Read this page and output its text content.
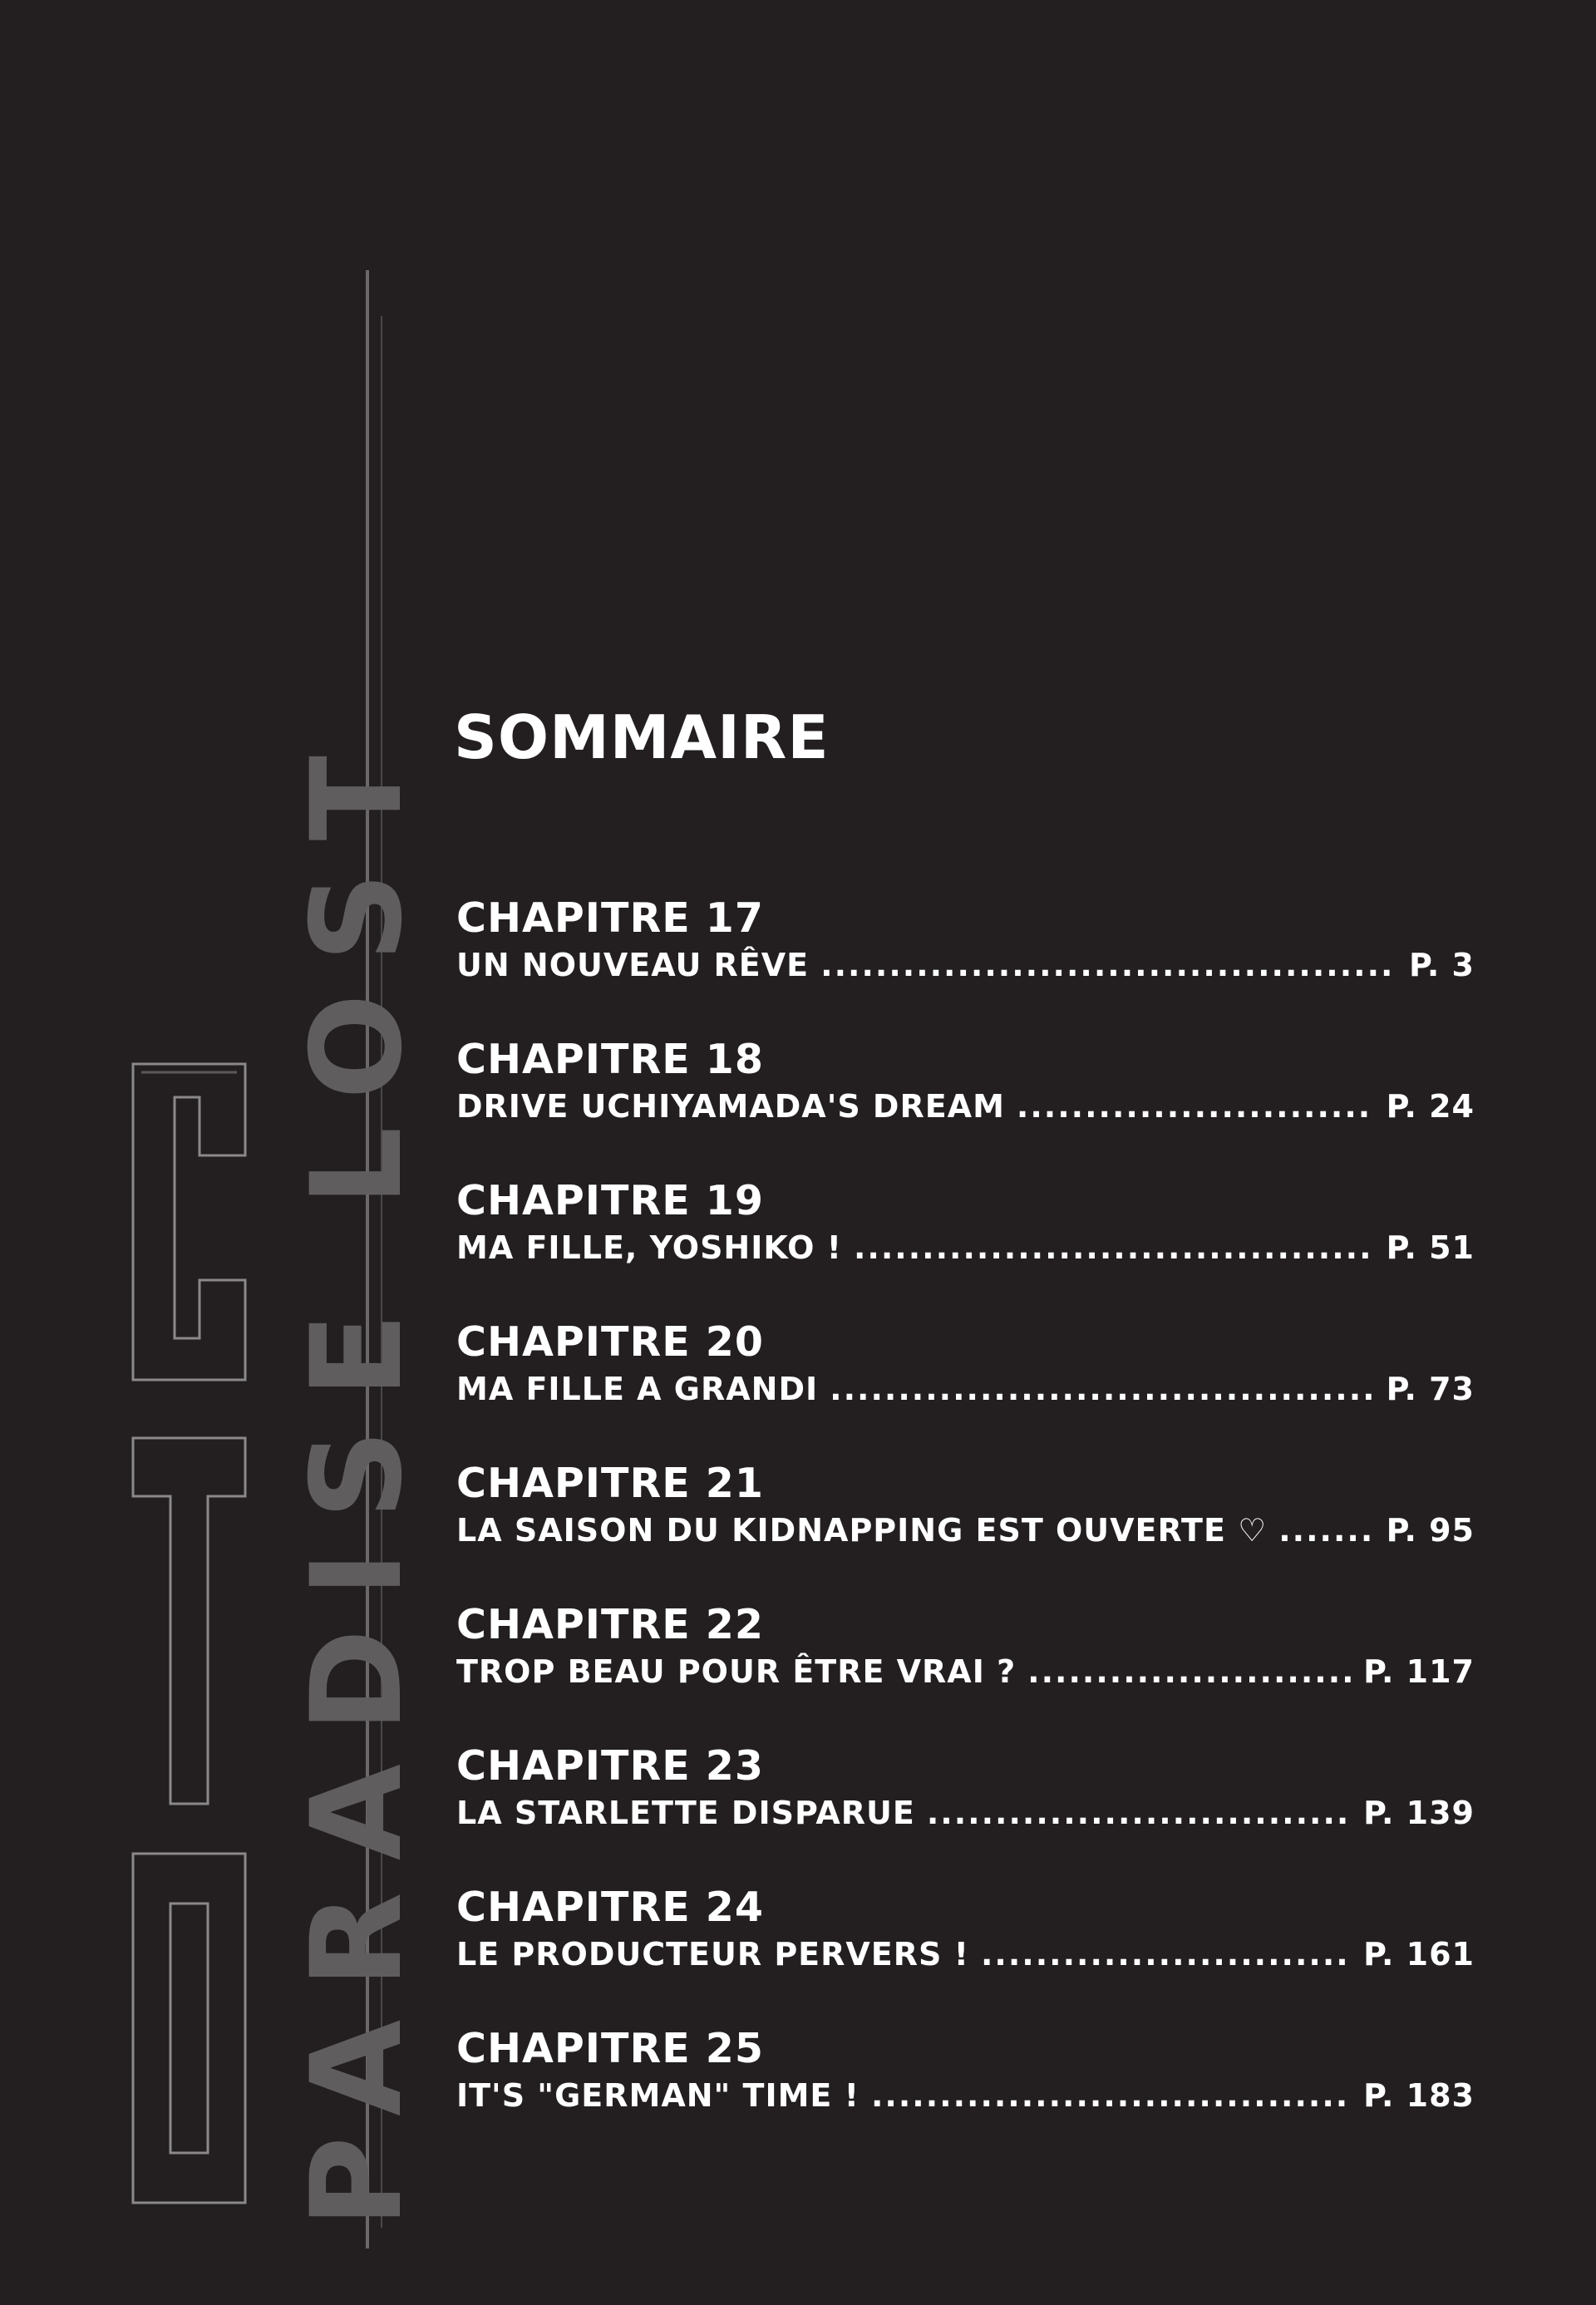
PARADISE LOST SOMMAIRE
CHAPITRE 17
UN NOUVEAU RÊVE .....	P. 3
CHAPITRE 18
DRIVE UCHIYAMADA'S DREAM .....	P. 24
CHAPITRE 19
MA FILLE, YOSHIKO ! .....	P. 51
CHAPITRE 20
MA FILLE A GRANDI .....	P. 73
CHAPITRE 21
LA SAISON DU KIDNAPPING EST OUVERTE ♡ .....	P. 95
CHAPITRE 22
TROP BEAU POUR ÊTRE VRAI ? .....	P. 117
CHAPITRE 23
LA STARLETTE DISPARUE .....	P. 139
CHAPITRE 24
LE PRODUCTEUR PERVERS ! .....	P. 161
CHAPITRE 25
IT'S "GERMAN" TIME ! .....	P. 183
